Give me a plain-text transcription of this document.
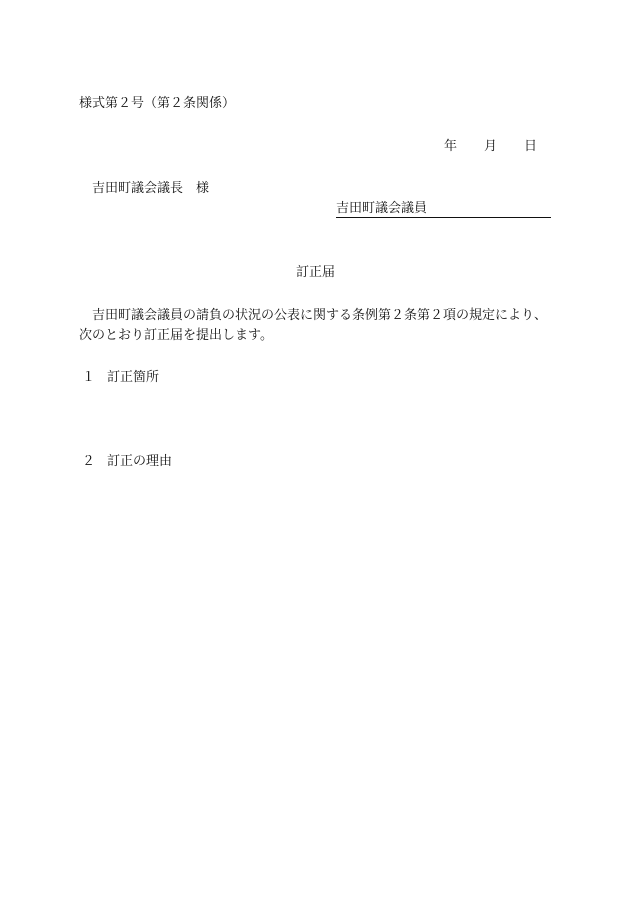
様式第２号（第２条関係）
年 月 日
吉田町議会議長　様
吉田町議会議員
訂正届
吉田町議会議員の請負の状況の公表に関する条例第２条第２項の規定により、
次のとおり訂正届を提出します。
１ 訂正箇所
２ 訂正の理由
